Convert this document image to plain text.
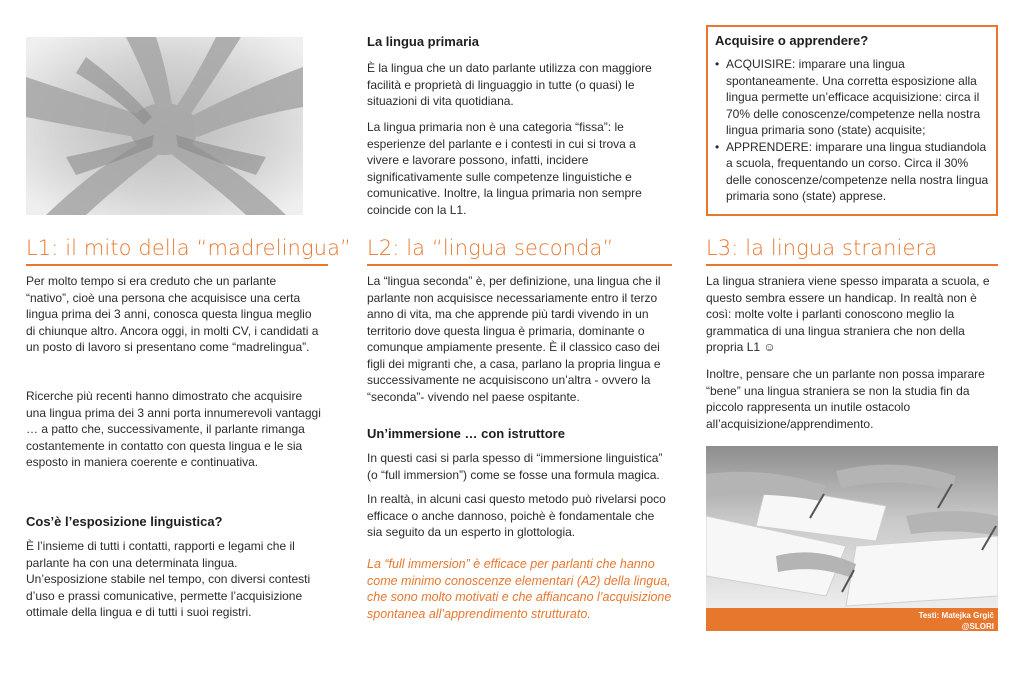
L1: il mito della “madrelingua”

Per molto tempo si era creduto che un parlante “nativo”, cioè una persona che acquisisce una certa lingua prima dei 3 anni, conosca questa lingua meglio di chiunque altro. Ancora oggi, in molti CV, i candidati a un posto di lavoro si presentano come “madrelingua”.

Ricerche più recenti hanno dimostrato che acquisire una lingua prima dei 3 anni porta innumerevoli vantaggi … a patto che, successivamente, il parlante rimanga costantemente in contatto con questa lingua e le sia esposto in maniera coerente e continuativa.

Cos’è l’esposizione linguistica?

È l’insieme di tutti i contatti, rapporti e legami che il parlante ha con una determinata lingua. Un’esposizione stabile nel tempo, con diversi contesti d’uso e prassi comunicative, permette l’acquisizione ottimale della lingua e di tutti i suoi registri.

La lingua primaria

È la lingua che un dato parlante utilizza con maggiore facilità e proprietà di linguaggio in tutte (o quasi) le situazioni di vita quotidiana.

La lingua primaria non è una categoria “fissa”: le esperienze del parlante e i contesti in cui si trova a vivere e lavorare possono, infatti, incidere significativamente sulle competenze linguistiche e comunicative. Inoltre, la lingua primaria non sempre coincide con la L1.

L2: la “lingua seconda”

La “lingua seconda” è, per definizione, una lingua che il parlante non acquisisce necessariamente entro il terzo anno di vita, ma che apprende più tardi vivendo in un territorio dove questa lingua è primaria, dominante o comunque ampiamente presente. È il classico caso dei figli dei migranti che, a casa, parlano la propria lingua e successivamente ne acquisiscono un’altra - ovvero la “seconda”- vivendo nel paese ospitante.

Un’immersione … con istruttore

In questi casi si parla spesso di “immersione linguistica” (o “full immersion”) come se fosse una formula magica.

In realtà, in alcuni casi questo metodo può rivelarsi poco efficace o anche dannoso, poichè è fondamentale che sia seguito da un esperto in glottologia.

La “full immersion” è efficace per parlanti che hanno come minimo conoscenze elementari (A2) della lingua, che sono molto motivati e che affiancano l’acquisizione spontanea all’apprendimento strutturato.

Acquisire o apprendere?
• ACQUISIRE: imparare una lingua spontaneamente. Una corretta esposizione alla lingua permette un’efficace acquisizione: circa il 70% delle conoscenze/competenze nella nostra lingua primaria sono (state) acquisite;
• APPRENDERE: imparare una lingua studiandola a scuola, frequentando un corso. Circa il 30% delle conoscenze/competenze nella nostra lingua primaria sono (state) apprese.
L3: la lingua straniera

La lingua straniera viene spesso imparata a scuola, e questo sembra essere un handicap. In realtà non è così: molte volte i parlanti conoscono meglio la grammatica di una lingua straniera che non della propria L1 ☺

Inoltre, pensare che un parlante non possa imparare “bene” una lingua straniera se non la studia fin da piccolo rappresenta un inutile ostacolo all’acquisizione/apprendimento.

Testi: Matejka Grgič
@SLORI
